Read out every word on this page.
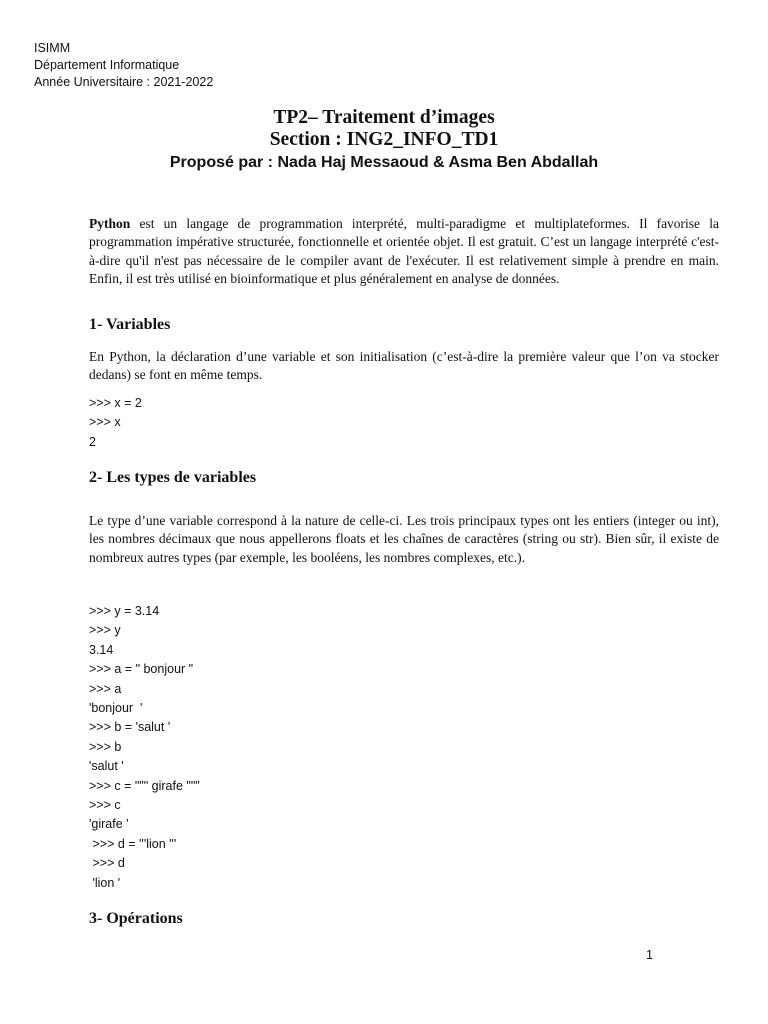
ISIMM
Département Informatique
Année Universitaire : 2021-2022
TP2– Traitement d’images
Section : ING2_INFO_TD1
Proposé par : Nada Haj Messaoud & Asma Ben Abdallah
Python est un langage de programmation interprété, multi-paradigme et multiplateformes. Il favorise la programmation impérative structurée, fonctionnelle et orientée objet. Il est gratuit. C’est un langage interprété c'est-à-dire qu'il n'est pas nécessaire de le compiler avant de l'exécuter. Il est relativement simple à prendre en main. Enfin, il est très utilisé en bioinformatique et plus généralement en analyse de données.
1- Variables
En Python, la déclaration d’une variable et son initialisation (c’est-à-dire la première valeur que l’on va stocker dedans) se font en même temps.
>>> x = 2
>>> x
2
2- Les types de variables
Le type d’une variable correspond à la nature de celle-ci. Les trois principaux types ont les entiers (integer ou int), les nombres décimaux que nous appellerons floats et les chaînes de caractères (string ou str). Bien sûr, il existe de nombreux autres types (par exemple, les booléens, les nombres complexes, etc.).
>>> y = 3.14
>>> y
3.14
>>> a = " bonjour "
>>> a
'bonjour  '
>>> b = 'salut '
>>> b
'salut '
>>> c = """ girafe """
>>> c
'girafe '
>>> d = '''lion '''
>>> d
'lion '
3- Opérations
1
